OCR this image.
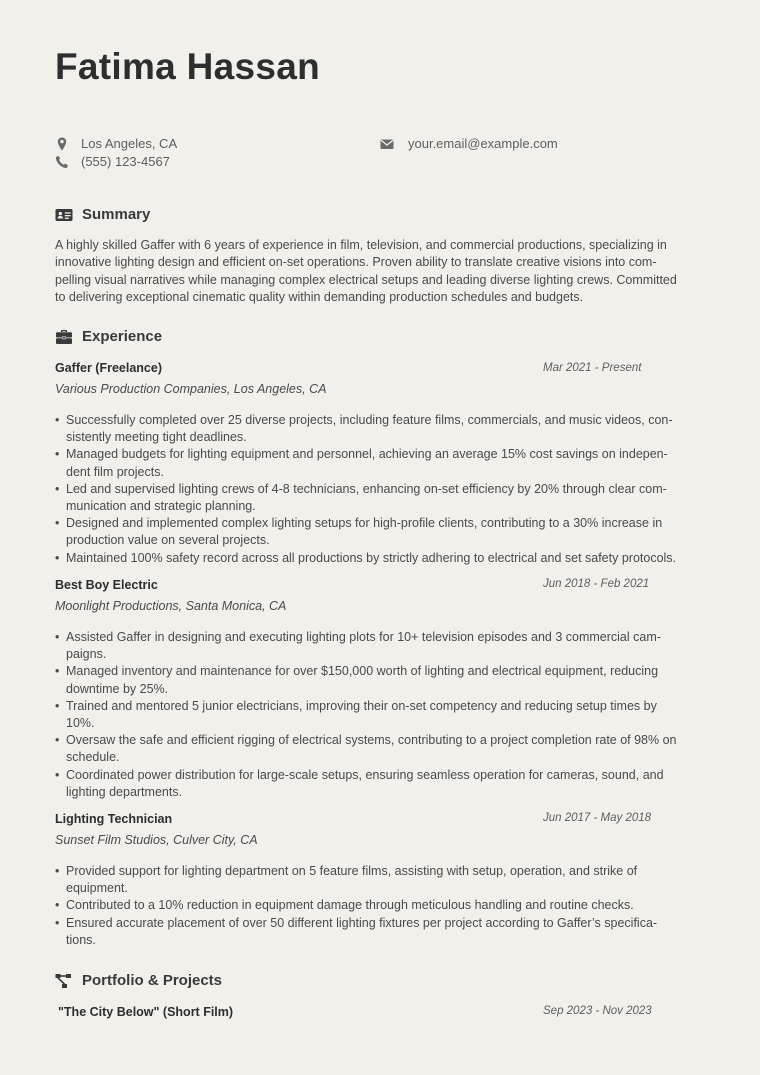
Fatima Hassan
Los Angeles, CA
(555) 123-4567
your.email@example.com
Summary
A highly skilled Gaffer with 6 years of experience in film, television, and commercial productions, specializing in
innovative lighting design and efficient on-set operations. Proven ability to translate creative visions into com-
pelling visual narratives while managing complex electrical setups and leading diverse lighting crews. Committed
to delivering exceptional cinematic quality within demanding production schedules and budgets.
Experience
Gaffer (Freelance)	Mar 2021 - Present
Various Production Companies, Los Angeles, CA
• Successfully completed over 25 diverse projects, including feature films, commercials, and music videos, con-
sistently meeting tight deadlines.
• Managed budgets for lighting equipment and personnel, achieving an average 15% cost savings on indepen-
dent film projects.
• Led and supervised lighting crews of 4-8 technicians, enhancing on-set efficiency by 20% through clear com-
munication and strategic planning.
• Designed and implemented complex lighting setups for high-profile clients, contributing to a 30% increase in
production value on several projects.
• Maintained 100% safety record across all productions by strictly adhering to electrical and set safety protocols.
Best Boy Electric	Jun 2018 - Feb 2021
Moonlight Productions, Santa Monica, CA
• Assisted Gaffer in designing and executing lighting plots for 10+ television episodes and 3 commercial cam-
paigns.
• Managed inventory and maintenance for over $150,000 worth of lighting and electrical equipment, reducing
downtime by 25%.
• Trained and mentored 5 junior electricians, improving their on-set competency and reducing setup times by
10%.
• Oversaw the safe and efficient rigging of electrical systems, contributing to a project completion rate of 98% on
schedule.
• Coordinated power distribution for large-scale setups, ensuring seamless operation for cameras, sound, and
lighting departments.
Lighting Technician	Jun 2017 - May 2018
Sunset Film Studios, Culver City, CA
• Provided support for lighting department on 5 feature films, assisting with setup, operation, and strike of
equipment.
• Contributed to a 10% reduction in equipment damage through meticulous handling and routine checks.
• Ensured accurate placement of over 50 different lighting fixtures per project according to Gaffer’s specifica-
tions.
Portfolio & Projects
"The City Below" (Short Film)	Sep 2023 - Nov 2023
